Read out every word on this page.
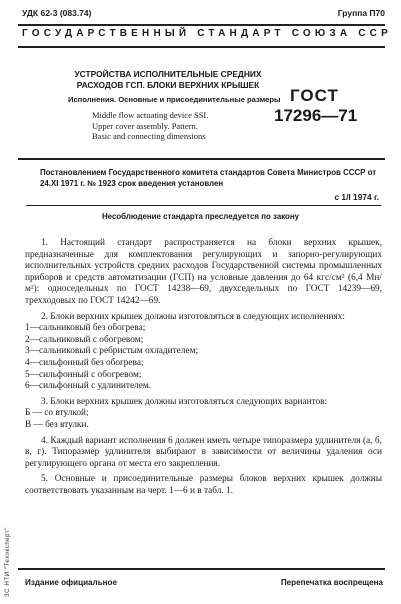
УДК 62-3 (083.74)	Группа П70
ГОСУДАРСТВЕННЫЙ СТАНДАРТ СОЮЗА ССР
УСТРОЙСТВА ИСПОЛНИТЕЛЬНЫЕ СРЕДНИХ
РАСХОДОВ ГСП. БЛОКИ ВЕРХНИХ КРЫШЕК
Исполнения. Основные и присоединительные размеры
Middle flow actuating device SSI.
Upper cover assembly. Pattern.
Basic and connecting dimensions
ГОСТ
17296—71
Постановлением Государственного комитета стандартов Совета Министров СССР от 24.XI 1971 г. № 1923 срок введения установлен
с 1/I 1974 г.
Несоблюдение стандарта преследуется по закону

1. Настоящий стандарт распространяется на блоки верхних крышек, предназначенные для комплектования регулирующих и запорно-регулирующих исполнительных устройств средних расходов Государственной системы промышленных приборов и средств автоматизации (ГСП) на условные давления до 64 кгс/см² (6,4 Мн/м²): односедельных по ГОСТ 14238—69, двухседельных по ГОСТ 14239—69, трехходовых по ГОСТ 14242—69.

2. Блоки верхних крышек должны изготовляться в следующих исполнениях:

1—сальниковый без обогрева;

2—сальниковый с обогревом;

3—сальниковый с ребристым охладителем;

4—сильфонный без обогрева;

5—сильфонный с обогревом;

6—сильфонный с удлинителем.

3. Блоки верхних крышек должны изготовляться следующих вариантов:

Б — со втулкой;

В — без втулки.

4. Каждый вариант исполнения 6 должен иметь четыре типоразмера удлинителя (а, б, в, г). Типоразмер удлинителя выбирают в зависимости от величины удаления оси регулирующего органа от места его закрепления.

5. Основные и присоединительные размеры блоков верхних крышек должны соответствовать указанным на черт. 1—6 и в табл. 1.

ЗС НТИ "Техэксперт" Издание официальное	Перепечатка воспрещена
